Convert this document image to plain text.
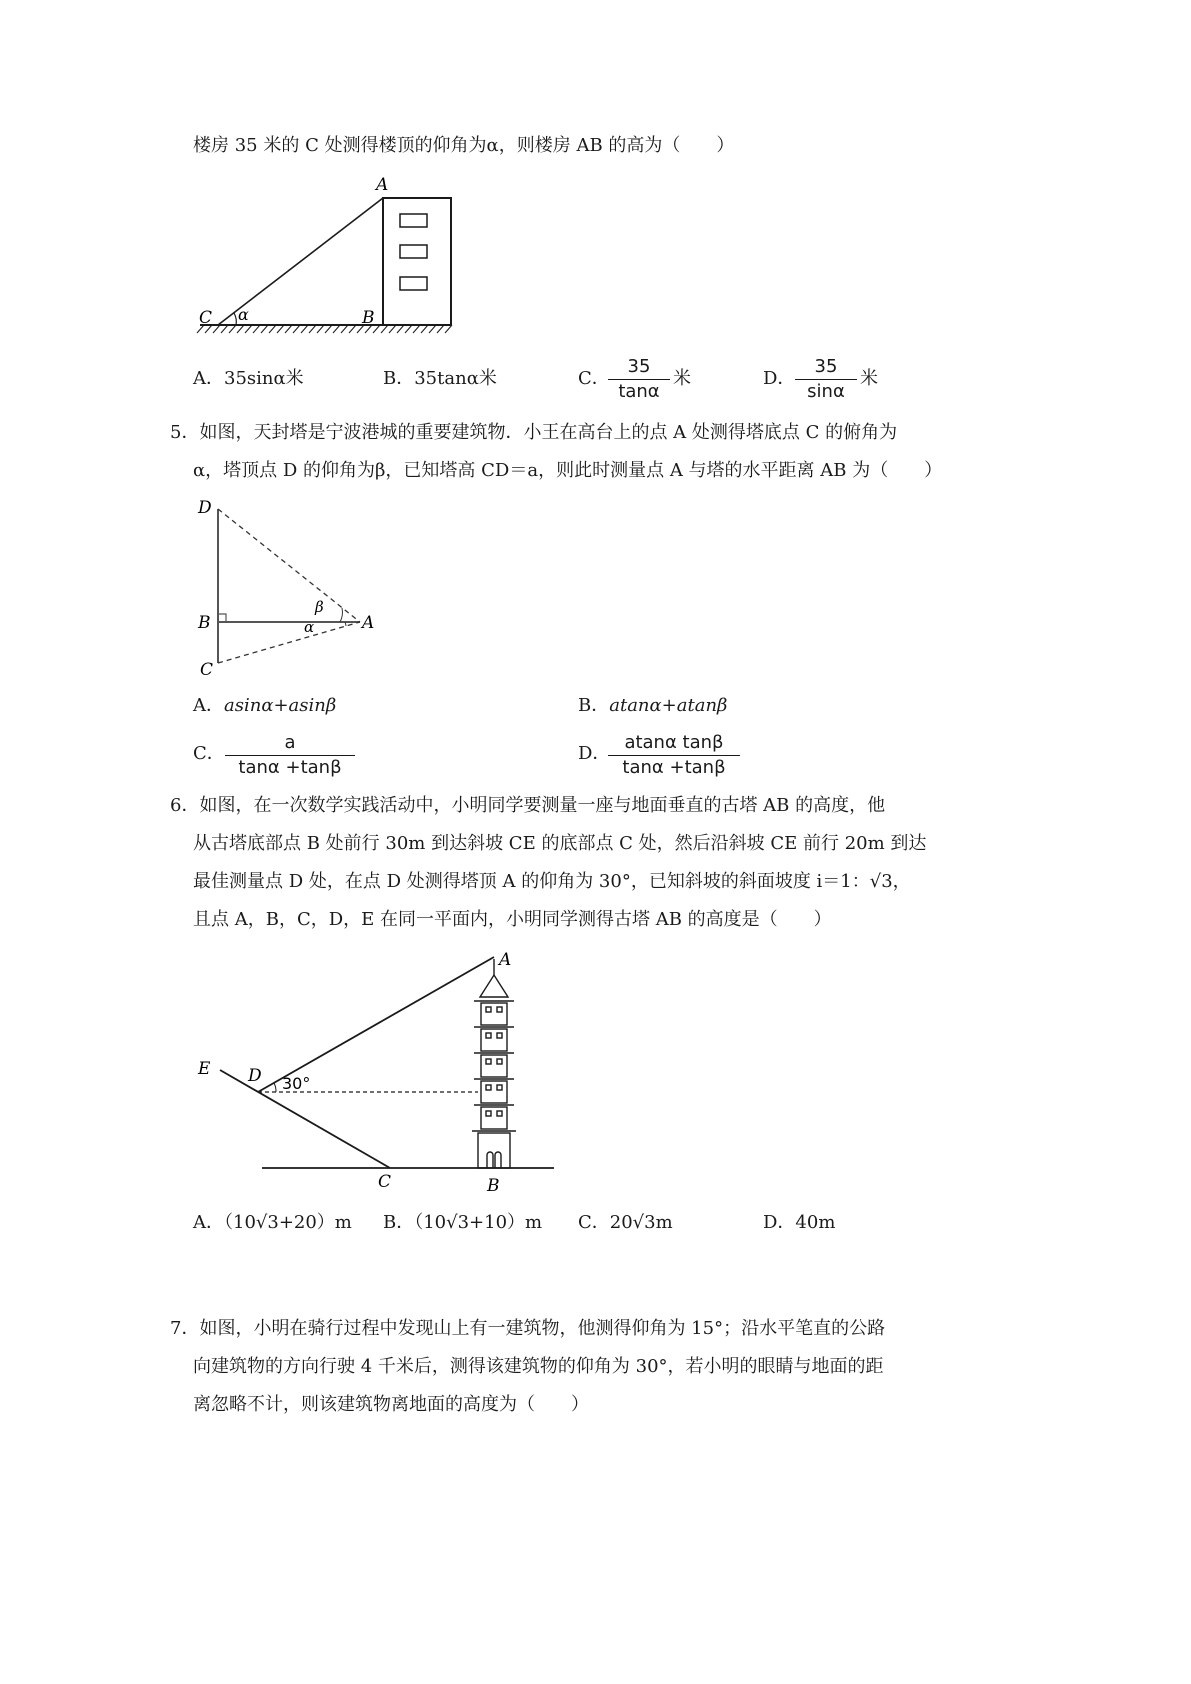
楼房 35 米的 C 处测得楼顶的仰角为α，则楼房 AB 的高为（　　）
A
B
C α
A．35sinα米	B．35tanα米	C．
35
tanα
米	D．
35
sinα
米
5．如图，天封塔是宁波港城的重要建筑物．小王在高台上的点 A 处测得塔底点 C 的俯角为
α，塔顶点 D 的仰角为β，已知塔高 CD＝a，则此时测量点 A 与塔的水平距离 AB 为（　　）
D
B
C
A
β
α
A．asinα+asinβ	B．atanα+atanβ
C．
a
tanα +tanβ
D．
atanα tanβ
tanα +tanβ
6．如图，在一次数学实践活动中，小明同学要测量一座与地面垂直的古塔 AB 的高度，他
从古塔底部点 B 处前行 30m 到达斜坡 CE 的底部点 C 处，然后沿斜坡 CE 前行 20m 到达
最佳测量点 D 处，在点 D 处测得塔顶 A 的仰角为 30°，已知斜坡的斜面坡度 i＝1：√3，
且点 A，B，C，D，E 在同一平面内，小明同学测得古塔 AB 的高度是（　　）
E D
A
C	B
30°
A．（10√3+20）m B．（10√3+10）m C．20√3m	D．40m
7．如图，小明在骑行过程中发现山上有一建筑物，他测得仰角为 15°；沿水平笔直的公路
向建筑物的方向行驶 4 千米后，测得该建筑物的仰角为 30°，若小明的眼睛与地面的距
离忽略不计，则该建筑物离地面的高度为（　　）
